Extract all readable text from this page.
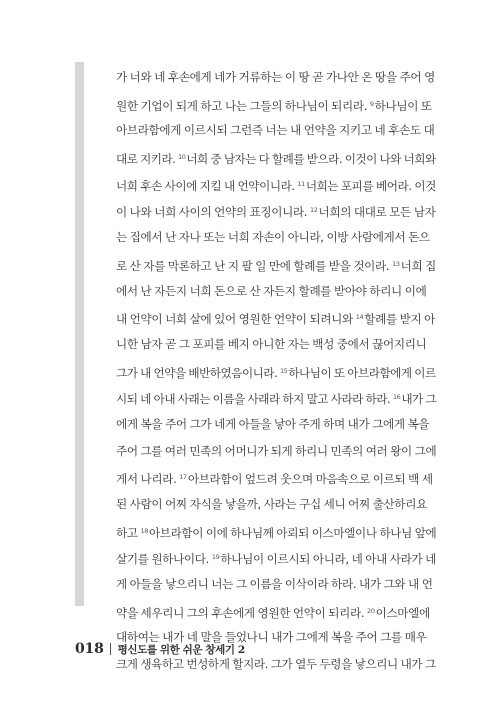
가 너와 네 후손에게 네가 거류하는 이 땅 곧 가나안 온 땅을 주어 영
원한 기업이 되게 하고 나는 그들의 하나님이 되리라. $^9$하나님이 또
아브라함에게 이르시되 그런즉 너는 내 언약을 지키고 네 후손도 대
대로 지키라. $^{10}$너희 중 남자는 다 할례를 받으라. 이것이 나와 너희와
너희 후손 사이에 지킬 내 언약이니라. $^{11}$너희는 포피를 베어라. 이것
이 나와 너희 사이의 언약의 표징이니라. $^{12}$너희의 대대로 모든 남자
는 집에서 난 자나 또는 너희 자손이 아니라, 이방 사람에게서 돈으
로 산 자를 막론하고 난 지 팔 일 만에 할례를 받을 것이라. $^{13}$너희 집
에서 난 자든지 너희 돈으로 산 자든지 할례를 받아야 하리니 이에
내 언약이 너희 살에 있어 영원한 언약이 되려니와 $^{14}$할례를 받지 아
니한 남자 곧 그 포피를 베지 아니한 자는 백성 중에서 끊어지리니
그가 내 언약을 배반하였음이니라. $^{15}$하나님이 또 아브라함에게 이르
시되 네 아내 사래는 이름을 사래라 하지 말고 사라라 하라. $^{16}$내가 그
에게 복을 주어 그가 네게 아들을 낳아 주게 하며 내가 그에게 복을
주어 그를 여러 민족의 어머니가 되게 하리니 민족의 여러 왕이 그에
게서 나리라. $^{17}$아브라함이 엎드려 웃으며 마음속으로 이르되 백 세
된 사람이 어찌 자식을 낳을까, 사라는 구십 세니 어찌 출산하리요
하고 $^{18}$아브라함이 이에 하나님께 아뢰되 이스마엘이나 하나님 앞에
살기를 원하나이다. $^{19}$하나님이 이르시되 아니라, 네 아내 사라가 네
게 아들을 낳으리니 너는 그 이름을 이삭이라 하라. 내가 그와 내 언
약을 세우리니 그의 후손에게 영원한 언약이 되리라. $^{20}$이스마엘에
대하여는 내가 네 말을 들었나니 내가 그에게 복을 주어 그를 매우
크게 생육하고 번성하게 할지라. 그가 열두 두령을 낳으리니 내가 그
018 평신도를 위한 쉬운 창세기 2
